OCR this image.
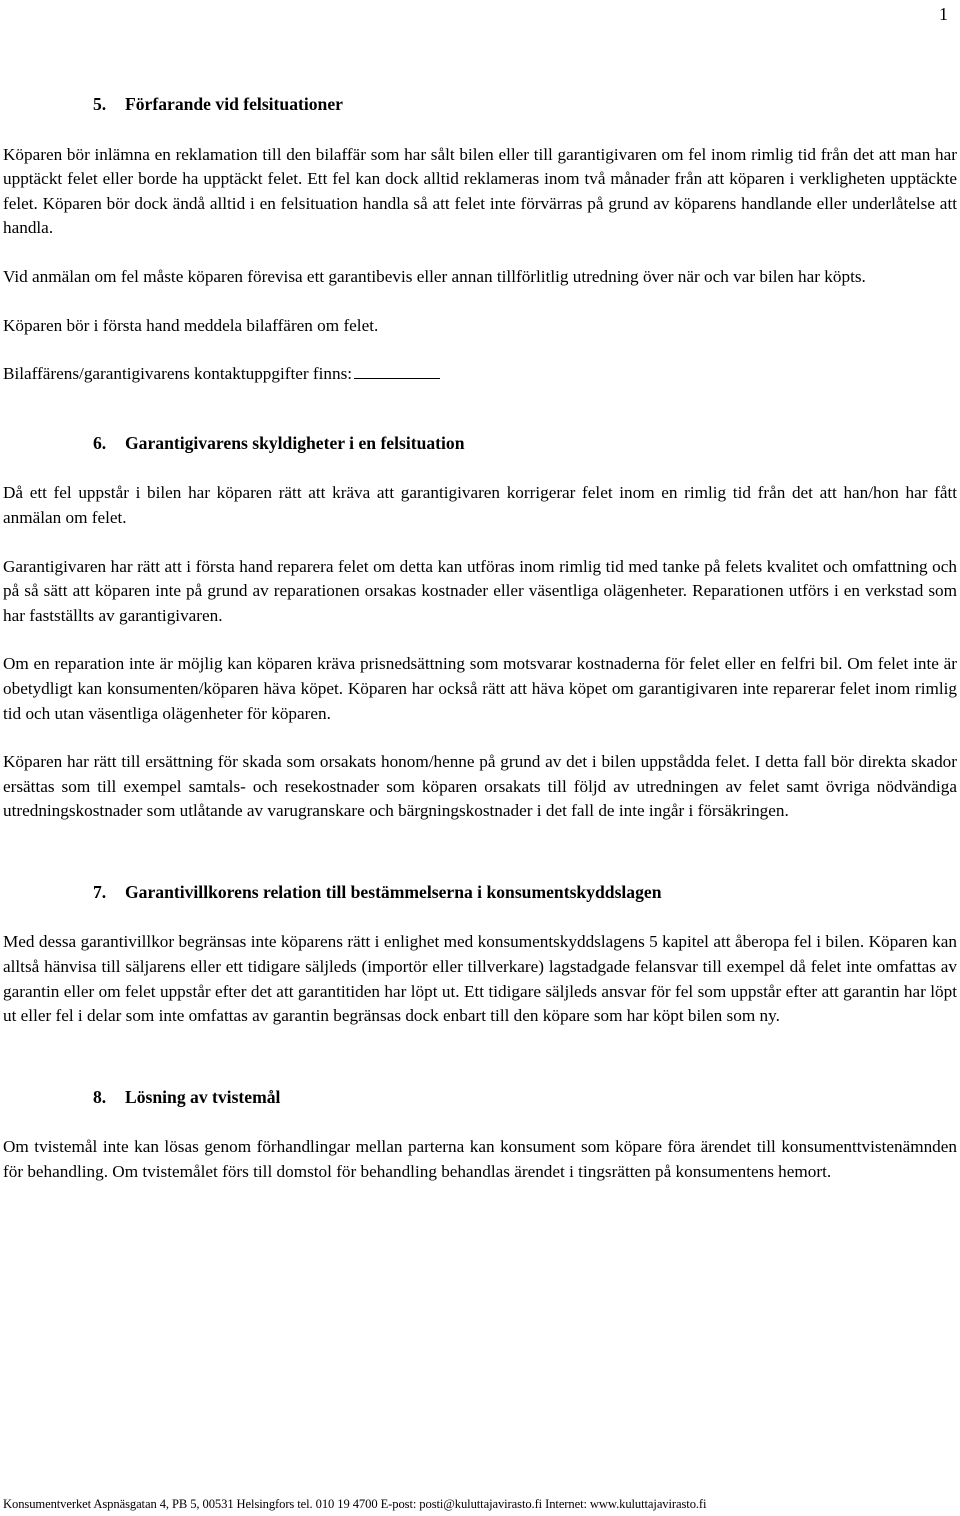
1
5.	Förfarande vid felsituationer

Köparen bör inlämna en reklamation till den bilaffär som har sålt bilen eller till garantigivaren om fel inom rimlig tid från det att man har upptäckt felet eller borde ha upptäckt felet. Ett fel kan dock alltid reklameras inom två månader från att köparen i verkligheten upptäckte felet. Köparen bör dock ändå alltid i en felsituation handla så att felet inte förvärras på grund av köparens handlande eller underlåtelse att handla.

Vid anmälan om fel måste köparen förevisa ett garantibevis eller annan tillförlitlig utredning över när och var bilen har köpts.

Köparen bör i första hand meddela bilaffären om felet.

Bilaffärens/garantigivarens kontaktuppgifter finns:

6.	Garantigivarens skyldigheter i en felsituation

Då ett fel uppstår i bilen har köparen rätt att kräva att garantigivaren korrigerar felet inom en rimlig tid från det att han/hon har fått anmälan om felet.

Garantigivaren har rätt att i första hand reparera felet om detta kan utföras inom rimlig tid med tanke på felets kvalitet och omfattning och på så sätt att köparen inte på grund av reparationen orsakas kostnader eller väsentliga olägenheter. Reparationen utförs i en verkstad som har fastställts av garantigivaren.

Om en reparation inte är möjlig kan köparen kräva prisnedsättning som motsvarar kostnaderna för felet eller en felfri bil. Om felet inte är obetydligt kan konsumenten/köparen häva köpet. Köparen har också rätt att häva köpet om garantigivaren inte reparerar felet inom rimlig tid och utan väsentliga olägenheter för köparen.

Köparen har rätt till ersättning för skada som orsakats honom/henne på grund av det i bilen uppstådda felet. I detta fall bör direkta skador ersättas som till exempel samtals- och resekostnader som köparen orsakats till följd av utredningen av felet samt övriga nödvändiga utredningskostnader som utlåtande av varugranskare och bärgningskostnader i det fall de inte ingår i försäkringen.

7.	Garantivillkorens relation till bestämmelserna i konsumentskyddslagen

Med dessa garantivillkor begränsas inte köparens rätt i enlighet med konsumentskyddslagens 5 kapitel att åberopa fel i bilen. Köparen kan alltså hänvisa till säljarens eller ett tidigare säljleds (importör eller tillverkare) lagstadgade felansvar till exempel då felet inte omfattas av garantin eller om felet uppstår efter det att garantitiden har löpt ut. Ett tidigare säljleds ansvar för fel som uppstår efter att garantin har löpt ut eller fel i delar som inte omfattas av garantin begränsas dock enbart till den köpare som har köpt bilen som ny.

8.	Lösning av tvistemål

Om tvistemål inte kan lösas genom förhandlingar mellan parterna kan konsument som köpare föra ärendet till konsumenttvistenämnden för behandling. Om tvistemålet förs till domstol för behandling behandlas ärendet i tingsrätten på konsumentens hemort.

Konsumentverket Aspnäsgatan 4, PB 5, 00531 Helsingfors tel. 010 19 4700 E-post: posti@kuluttajavirasto.fi Internet: www.kuluttajavirasto.fi
